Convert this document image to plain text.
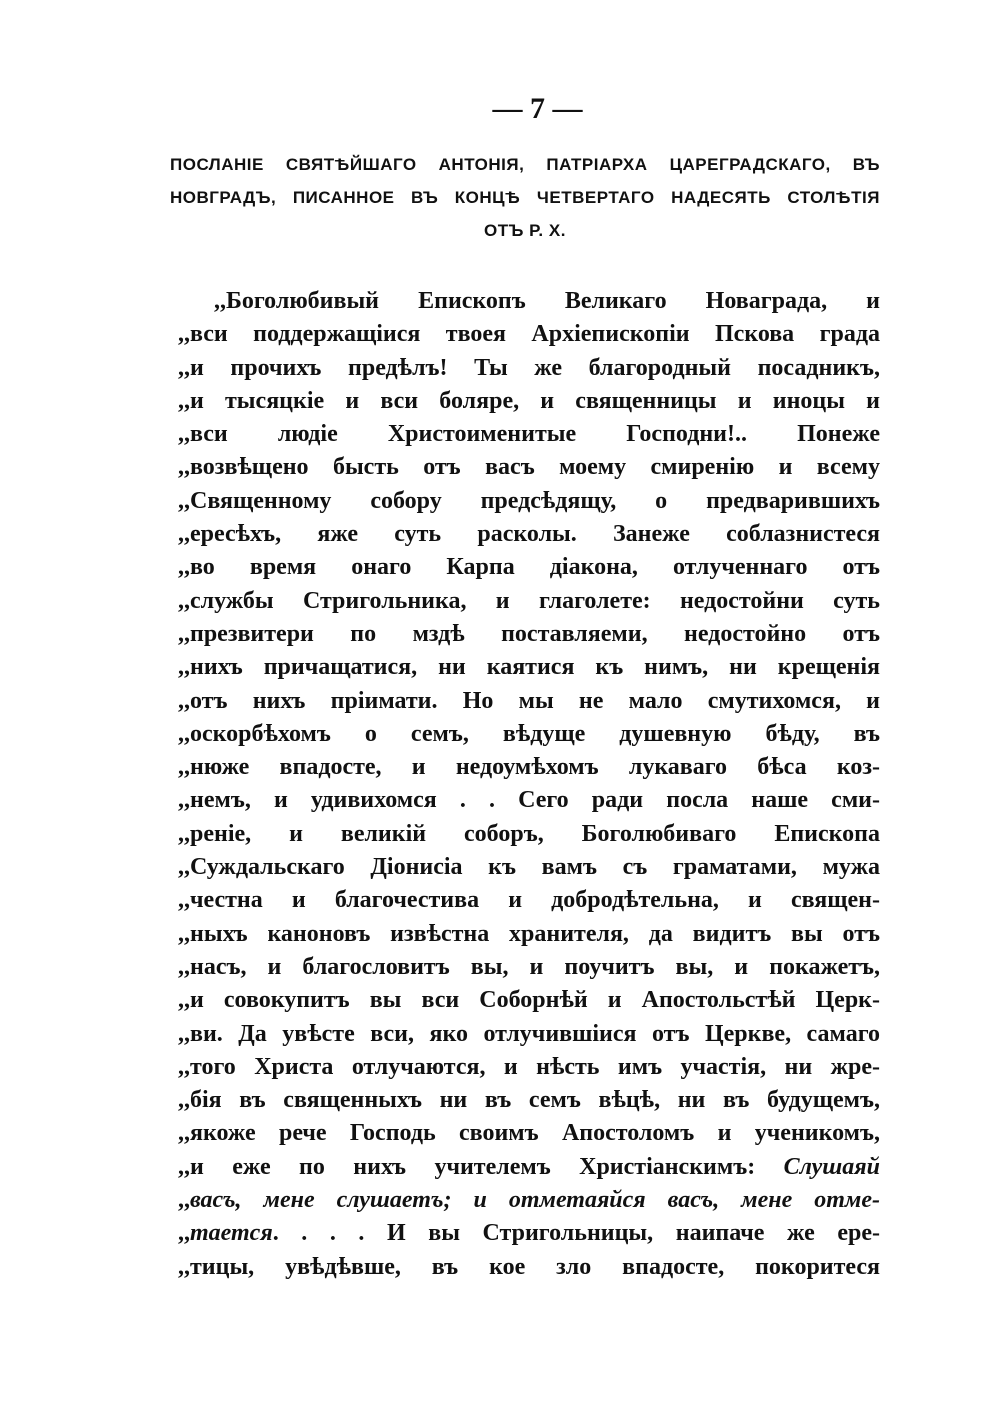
— 7 —
ПОСЛАНІЕ СВЯТѢЙШАГО АНТОНІЯ, ПАТРІАРХА ЦАРЕГРАДСКАГО, ВЪ
НОВГРАДЪ, ПИСАННОЕ ВЪ КОНЦѢ ЧЕТВЕРТАГО НАДЕСЯТЬ СТОЛѢТІЯ
ОТЪ Р. Х.
,,Боголюбивый Епископъ Великаго Новаграда, и
,,вси поддержащіися твоея Архіепископіи Пскова града
,,и прочихъ предѣлъ! Ты же благородный посадникъ,
,,и тысяцкіе и вси боляре, и священницы и иноцы и
,,вси людіе Христоименитые Господни!.. Понеже
,,возвѣщено бысть отъ васъ моему смиренію и всему
,,Священному собору предсѣдящу, о предварившихъ
,,ересѣхъ, яже суть расколы. Занеже соблазнистеся
,,во время онаго Карпа діакона, отлученнаго отъ
,,службы Стригольника, и глаголете: недостойни суть
,,презвитери по мздѣ поставляеми, недостойно отъ
,,нихъ причащатися, ни каятися къ нимъ, ни крещенія
,,отъ нихъ пріимати. Но мы не мало смутихомся, и
,,оскорбѣхомъ о семъ, вѣдуще душевную бѣду, въ
,,нюже впадосте, и недоумѣхомъ лукаваго бѣса коз-
,,немъ, и удивихомся . . Сего ради посла наше сми-
,,реніе, и великій соборъ, Боголюбиваго Епископа
,,Суждальскаго Діонисіа къ вамъ съ граматами, мужа
,,честна и благочестива и добродѣтельна, и священ-
,,ныхъ каноновъ извѣстна хранителя, да видитъ вы отъ
,,насъ, и благословитъ вы, и поучитъ вы, и покажетъ,
,,и совокупитъ вы вси Соборнѣй и Апостольстѣй Церк-
,,ви. Да увѣсте вси, яко отлучившіися отъ Церкве, самаго
,,того Христа отлучаются, и нѣсть имъ участія, ни жре-
,,бія въ священныхъ ни въ семъ вѣцѣ, ни въ будущемъ,
,,якоже рече Господь своимъ Апостоломъ и ученикомъ,
,,и еже по нихъ учителемъ Христіанскимъ: Слушаяй
,,васъ, мене слушаетъ; и отметаяйся васъ, мене отме-
,,тается. . . . И вы Стригольницы, наипаче же ере-
,,тицы, увѣдѣвше, въ кое зло впадосте, покоритеся
